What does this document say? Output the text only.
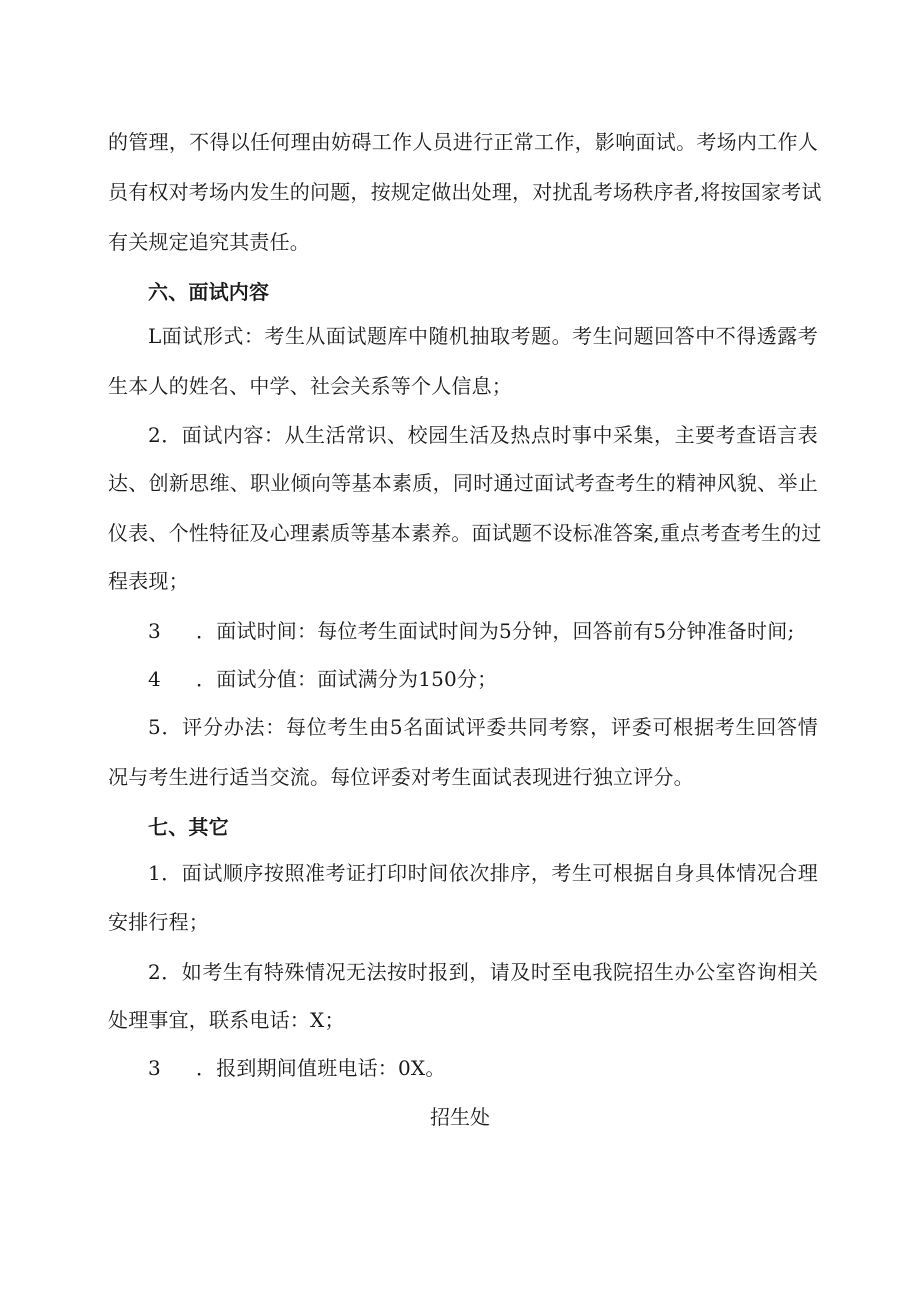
的管理，不得以任何理由妨碍工作人员进行正常工作，影响面试。考场内工作人
员有权对考场内发生的问题，按规定做出处理，对扰乱考场秩序者,将按国家考试
有关规定追究其责任。
六、面试内容
L面试形式：考生从面试题库中随机抽取考题。考生问题回答中不得透露考
生本人的姓名、中学、社会关系等个人信息；
2．面试内容：从生活常识、校园生活及热点时事中采集，主要考查语言表
达、创新思维、职业倾向等基本素质，同时通过面试考查考生的精神风貌、举止
仪表、个性特征及心理素质等基本素养。面试题不设标准答案,重点考查考生的过
程表现；
3 ．面试时间：每位考生面试时间为5分钟，回答前有5分钟准备时间;
4 ．面试分值：面试满分为150分；
5．评分办法：每位考生由5名面试评委共同考察，评委可根据考生回答情
况与考生进行适当交流。每位评委对考生面试表现进行独立评分。
七、其它
1．面试顺序按照准考证打印时间依次排序，考生可根据自身具体情况合理
安排行程；
2．如考生有特殊情况无法按时报到，请及时至电我院招生办公室咨询相关
处理事宜，联系电话：X；
3 ．报到期间值班电话：0X。
招生处
